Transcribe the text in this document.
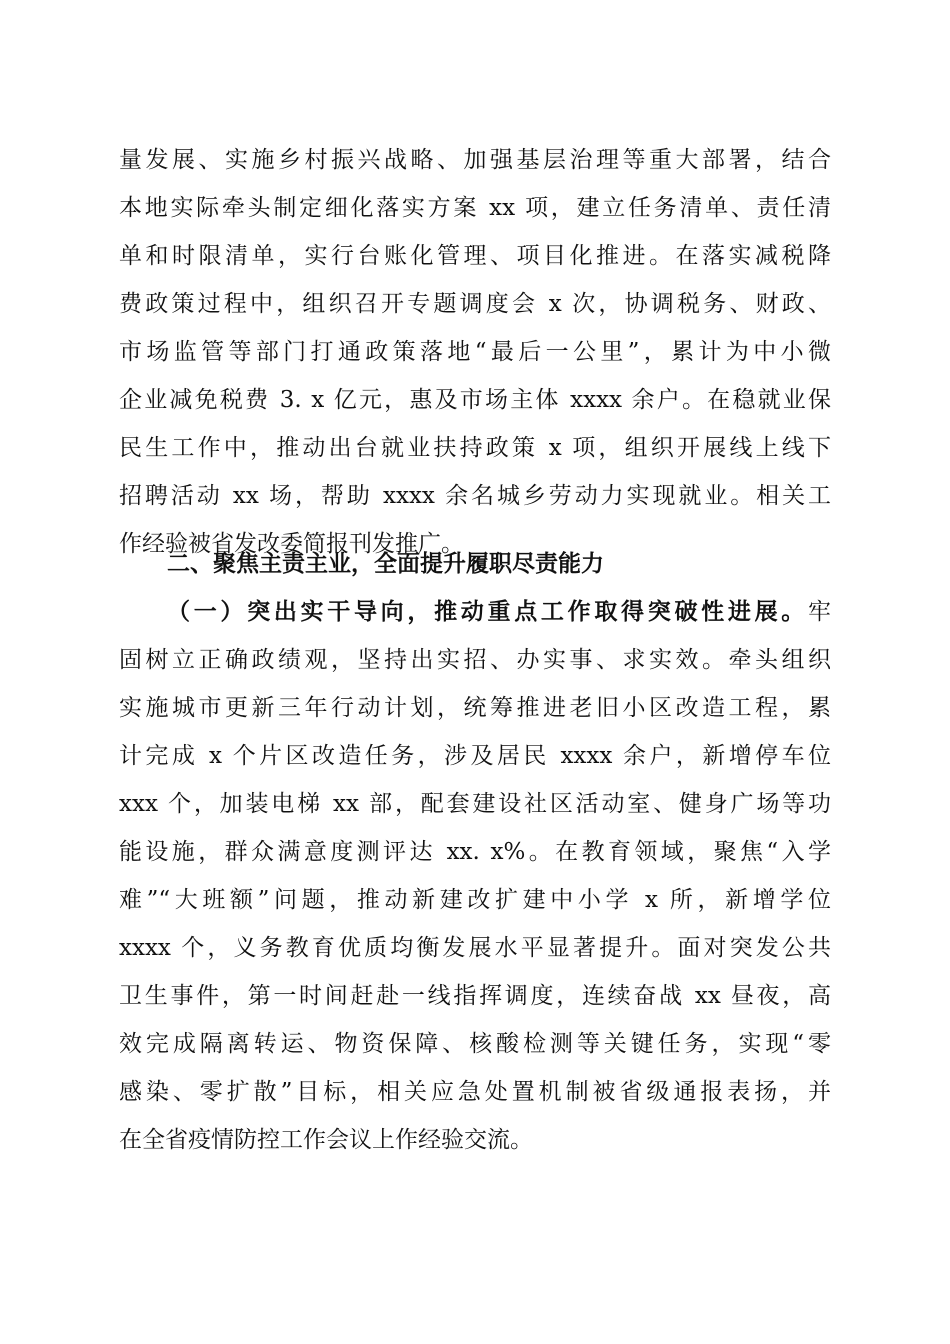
量发展、实施乡村振兴战略、加强基层治理等重大部署，结合
本地实际牵头制定细化落实方案 xx 项，建立任务清单、责任清
单和时限清单，实行台账化管理、项目化推进。在落实减税降
费政策过程中，组织召开专题调度会 x 次，协调税务、财政、
市场监管等部门打通政策落地“最后一公里”，累计为中小微
企业减免税费 3. x 亿元，惠及市场主体 xxxx 余户。在稳就业保
民生工作中，推动出台就业扶持政策 x 项，组织开展线上线下
招聘活动 xx 场，帮助 xxxx 余名城乡劳动力实现就业。相关工
作经验被省发改委简报刊发推广。
二、聚焦主责主业，全面提升履职尽责能力
（一）突出实干导向，推动重点工作取得突破性进展。牢
固树立正确政绩观，坚持出实招、办实事、求实效。牵头组织
实施城市更新三年行动计划，统筹推进老旧小区改造工程，累
计完成 x 个片区改造任务，涉及居民 xxxx 余户，新增停车位
xxx 个，加装电梯 xx 部，配套建设社区活动室、健身广场等功
能设施，群众满意度测评达 xx. x%。在教育领域，聚焦“入学
难”“大班额”问题，推动新建改扩建中小学 x 所，新增学位
xxxx 个，义务教育优质均衡发展水平显著提升。面对突发公共
卫生事件，第一时间赶赴一线指挥调度，连续奋战 xx 昼夜，高
效完成隔离转运、物资保障、核酸检测等关键任务，实现“零
感染、零扩散”目标，相关应急处置机制被省级通报表扬，并
在全省疫情防控工作会议上作经验交流。
